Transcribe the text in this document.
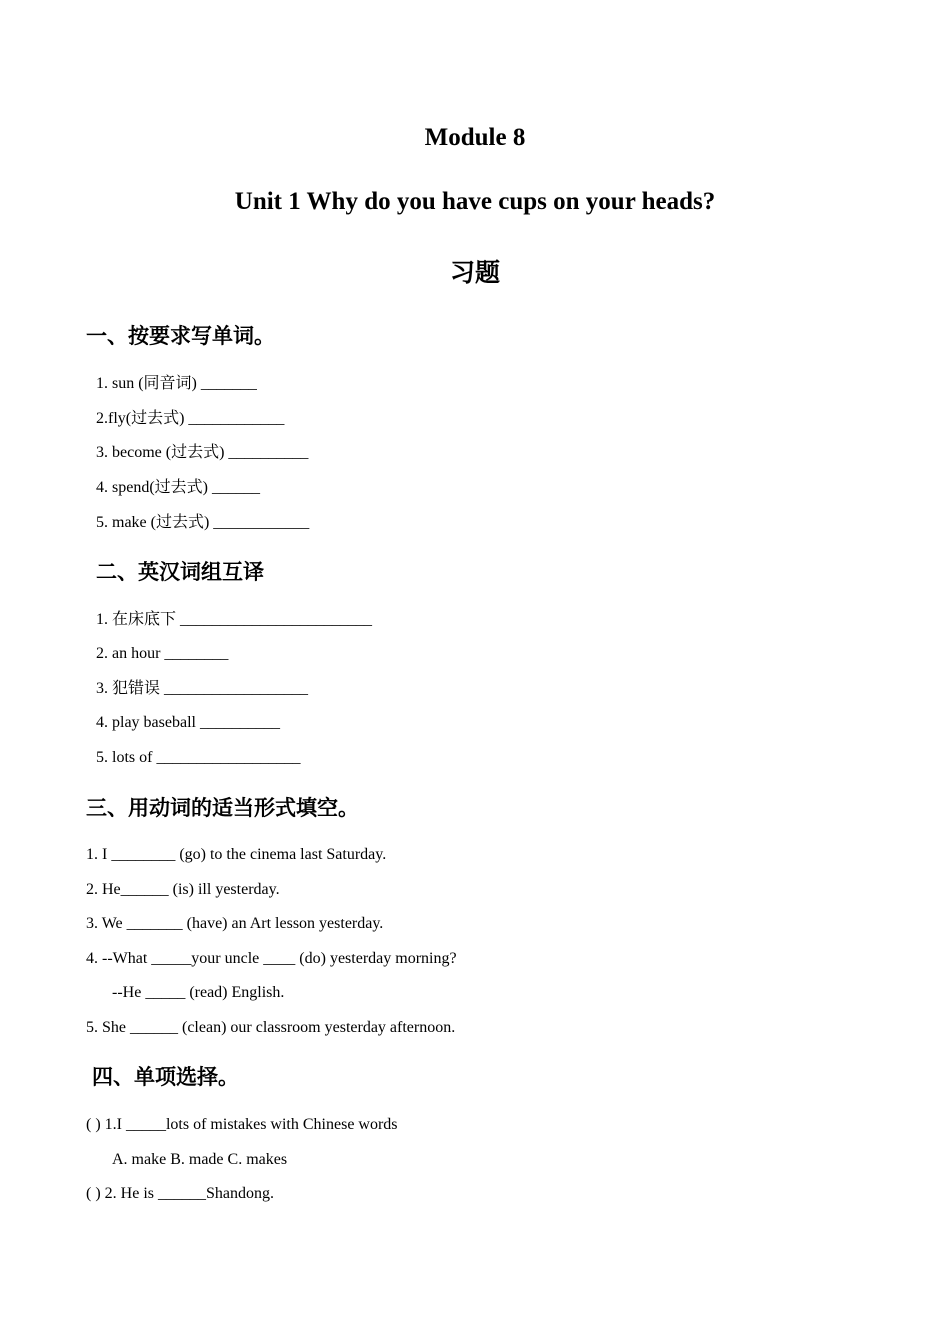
Module 8
Unit 1 Why do you have cups on your heads?
习题
一、按要求写单词。
1. sun (同音词) _______
2.fly(过去式) ____________
3. become (过去式) __________
4. spend(过去式) ______
5. make (过去式) ____________
二、英汉词组互译
1. 在床底下 ________________________
2. an hour ________
3. 犯错误 __________________
4. play baseball __________
5. lots of __________________
三、用动词的适当形式填空。
1. I ________ (go) to the cinema last Saturday.
2. He______ (is) ill yesterday.
3. We _______ (have) an Art lesson yesterday.
4. --What _____your uncle ____ (do) yesterday morning?
--He _____ (read) English.
5. She ______ (clean) our classroom yesterday afternoon.
四、单项选择。
( ) 1.I _____lots of mistakes with Chinese words
A. make B. made C. makes
( ) 2. He is ______Shandong.
